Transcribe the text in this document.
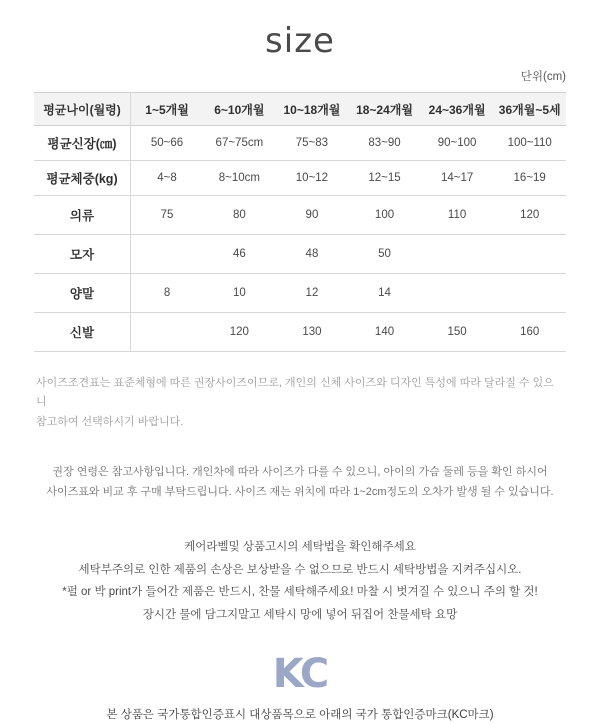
size
단위(cm)
평균나이(월령)	1~5개월	6~10개월	10~18개월	18~24개월	24~36개월	36개월~5세
평균신장(㎝)	50~66	67~75cm	75~83	83~90	90~100	100~110
평균체중(kg)	4~8	8~10cm	10~12	12~15	14~17	16~19
의류	75	80	90	100	110	120
모자		46	48	50		
양말	8	10	12	14		
신발		120	130	140	150	160
사이즈조견표는 표준체형에 따른 권장사이즈이므로, 개인의 신체 사이즈와 디자인 특성에 따라 달라질 수 있으니
참고하여 선택하시기 바랍니다.
권장 연령은 참고사항입니다. 개인차에 따라 사이즈가 다를 수 있으니, 아이의 가슴 둘레 등을 확인 하시어
사이즈표와 비교 후 구매 부탁드립니다. 사이즈 재는 위치에 따라 1~2cm정도의 오차가 발생 될 수 있습니다.
케어라벨및 상품고시의 세탁법을 확인해주세요
세탁부주의로 인한 제품의 손상은 보상받을 수 없으므로 반드시 세탁방법을 지켜주십시오.
*펄 or 박 print가 들어간 제품은 반드시, 찬물 세탁해주세요! 마찰 시 벗겨질 수 있으니 주의 할 것!
장시간 물에 담그지말고 세탁시 망에 넣어 뒤집어 찬물세탁 요망
KC
본 상품은 국가통합인증표시 대상품목으로 아래의 국가 통합인증마크(KC마크)
